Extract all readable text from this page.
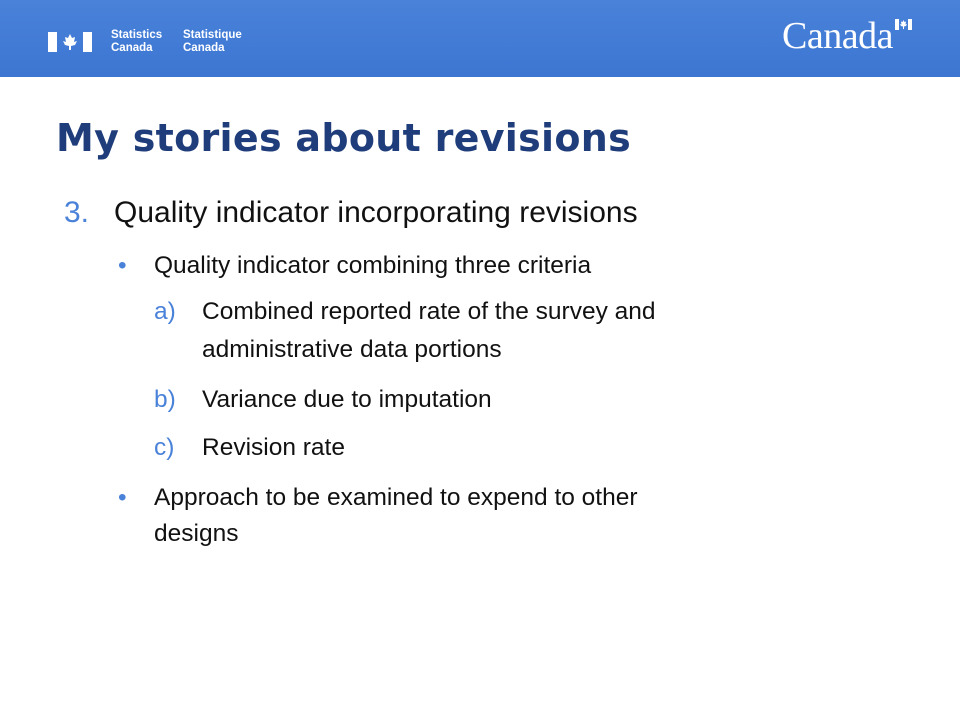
Statistics
Canada
Statistique
Canada	Canada
My stories about revisions
3. Quality indicator incorporating revisions
• Quality indicator combining three criteria
a) Combined reported rate of the survey and
administrative data portions
b) Variance due to imputation
c) Revision rate
• Approach to be examined to expend to other
designs
